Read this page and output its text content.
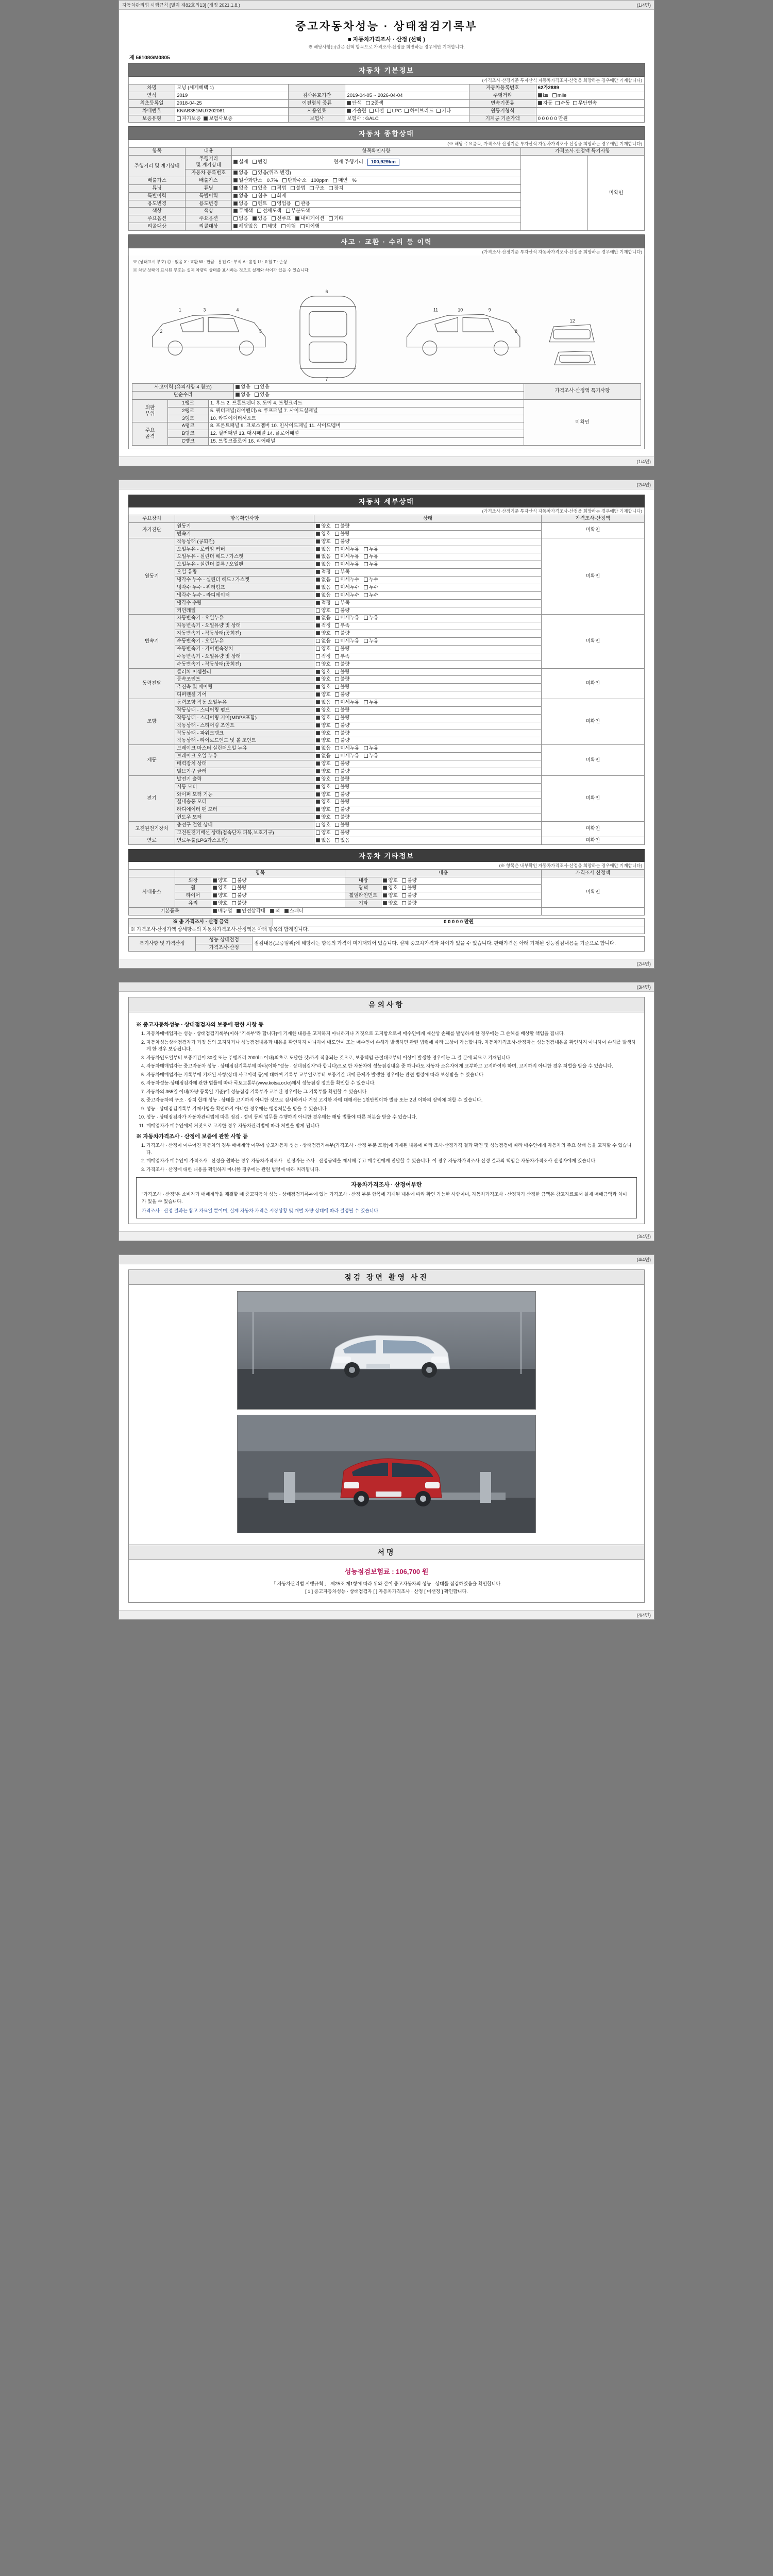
자동차관리법 시행규칙 [별지 제82호의13] (개정 2021.1.8.)	(1/4면)
중고자동차성능 · 상태점검기록부
■ 자동차가격조사 · 산정 (선택 )
※ 해당사항(□)란은 선택 항목으로 가격조사·산정을 희망하는 경우에만 기재합니다.
제 56108GM0805
자동차 기본정보
(가격조사·산정기준 투자산식 자동차가격조사·산정을 희망하는 경우에만 기재합니다)
차명	모닝 (세제혜택 1)			자동차등록번호	62가2889
연식	2019	검사유효기간	2019-04-05 ~ 2026-04-04	주행거리	㎞ mile
최초등록일	2018-04-25	이전형식 중류	단색 2중색	변속기종류	자동 수동 무단변속
차대번호	KNAB351MU7202061	사용연료	가솔린 디젤 LPG 하이브리드 기타	원동기형식	
보증유형	자가보증 보험사보증	보험사	보험사 : GALC	기계공 기준가액	0 0 0 0 0 만원
자동차 종합상태
(※ 해당 주요품목, 가격조사·산정기준 투자산식 자동차가격조사·산정을 희망하는 경우에만 기재합니다)
항목	내용	항목확인사항	가격조사·산정액 특기사항	
주행거리 및 계기상태	주행거리
및 계기상태	실제 변경 현재 주행거리 : 100,929km		미확인
	자동차 등록번호	없음 있음(위조·변경)		
배출가스	배출가스	일산화탄소 0.7% 탄화수소 100ppm 매연 %		
튜닝	튜닝	없음 있음 적법 불법 구조 장치		
특별이력	특별이력	없음 침수 화재		
용도변경	용도변경	없음 렌트 영업용 관용		
색상	색상	무채색 전체도색 부분도색		
주요옵션	주요옵션	없음 있음 선루프 내비게이션 기타		
리콜대상	리콜대상	해당없음 해당 이행 미이행		
사고 · 교환 · 수리 등 이력
(가격조사·산정기준 투자산식 자동차가격조사·산정을 희망하는 경우에만 기재합니다)
※ (상태표시 부호) ◎ : 없음 X : 교환 W : 판금 · 용접 C : 부식 A : 흠집 U : 요철 T : 손상
※ 차량 상태에 표시된 부호는 실제 차량의 상태를 표시하는 것으로 실제와 차이가 있을 수 있습니다.
1	3	4
5
2
6
7
11	10	9
8
12
사고이력 (유의사항 4 참조)	없음 있음	가격조사·산정액 특기사항
단순수리	없음 있음	
외판
부위	1랭크	1. 후드 2. 프론트펜더 3. 도어 4. 트렁크리드	미확인
	2랭크	5. 쿼터패널(리어펜더) 6. 루프패널 7. 사이드실패널	
	3랭크	10. 라디에이터서포트	
주요
골격	A랭크	8. 프론트패널 9. 크로스멤버 10. 인사이드패널 11. 사이드멤버	
	B랭크	12. 필러패널 13. 대시패널 14. 플로어패널	
	C랭크	15. 트렁크플로어 16. 리어패널	
(1/4면)
(2/4면)
자동차 세부상태
(가격조사·산정기준 투자산식 자동차가격조사·산정을 희망하는 경우에만 기재합니다)
주요장치	항목확인사항	상태	가격조사·산정액
자기진단	원동기	양호 불량	미확인
	변속기	양호 불량	
원동기	작동상태 (공회전)	양호 불량	미확인
	오일누유 - 로커암 커버	없음 미세누유 누유	
	오일누유 - 실린더 헤드 / 가스켓	없음 미세누유 누유	
	오일누유 - 실린더 블록 / 오일팬	없음 미세누유 누유	
	오일 유량	적정 부족	
	냉각수 누수 - 실린더 헤드 / 가스켓	없음 미세누수 누수	
	냉각수 누수 - 워터펌프	없음 미세누수 누수	
	냉각수 누수 - 라디에이터	없음 미세누수 누수	
	냉각수 수량	적정 부족	
	커먼레일	양호 불량	
변속기	자동변속기 - 오일누유	없음 미세누유 누유	미확인
	자동변속기 - 오일유량 및 상태	적정 부족	
	자동변속기 - 작동상태(공회전)	양호 불량	
	수동변속기 - 오일누유	없음 미세누유 누유	
	수동변속기 - 기어변속장치	양호 불량	
	수동변속기 - 오일유량 및 상태	적정 부족	
	수동변속기 - 작동상태(공회전)	양호 불량	
동력전달	클러치 어셈블리	양호 불량	미확인
	등속조인트	양호 불량	
	추진축 및 베어링	양호 불량	
	디퍼렌셜 기어	양호 불량	
조향	동력조향 작동 오일누유	없음 미세누유 누유	미확인
	작동상태 - 스티어링 펌프	양호 불량	
	작동상태 - 스티어링 기어(MDPS포함)	양호 불량	
	작동상태 - 스티어링 조인트	양호 불량	
	작동상태 - 파워크랭크	양호 불량	
	작동상태 - 타이로드엔드 및 볼 조인트	양호 불량	
제동	브레이크 마스터 실린더오일 누유	없음 미세누유 누유	미확인
	브레이크 오일 누유	없음 미세누유 누유	
	배력장치 상태	양호 불량	
	밸브기구 클러	양호 불량	
전기	발전기 출력	양호 불량	미확인
	시동 모터	양호 불량	
	와이퍼 모터 기능	양호 불량	
	실내송풍 모터	양호 불량	
	라디에이터 팬 모터	양호 불량	
	윈도우 모터	양호 불량	
고전원전기장치	충전구 절연 상태	양호 불량	미확인
	고전원전기배선 상태(접속단자,피복,보호기구)	양호 불량	
연료	연료누출(LPG가스포함)	없음 있음	미확인
자동차 기타정보
(※ 항목은 내부확인 자동차가격조사·산정을 희망하는 경우에만 기재합니다)
	항목		내용		가격조사·산정액
사내용소	외장	양호 불량	내장	양호 불량	미확인
	휠	양호 불량	광택	양호 불량	
	타이어	양호 불량	휠얼라인먼트	양호 불량	
	유리	양호 불량	기타	양호 불량	
기본품목		매뉴얼 안전삼각대 잭 스패너			
※ 총 가격조사 · 산정 금액	0 0 0 0 0 만원
※ 가격조사·산정가액 상세항목의 자동차가격조사·산정액은 아래 항목의 합계입니다.
특기사항 및 가격산정	성능·상태점검	점검내용(보증범위)에 해당하는 항목의 가격이 미기재되어 있습니다. 실제 중고차가격과 차이가 있을 수 있습니다. 판매가격은 아래 기재된 성능점검내용을 기준으로 합니다.
가격조사·산정
(2/4면)
(3/4면)
유의사항
※ 중고자동차성능 · 상태점검자의 보증에 관한 사항 등
1. 자동차매매업자는 성능 · 상태점검기록부(이하 "기록부"라 합니다)에 기재한 내용을 고지하지 아니하거나 거짓으로 고지함으로써 매수인에게 재산상 손해를 발생하게 한 경우에는 그 손해를 배상할 책임을 집니다.
2. 자동차성능상태점검자가 거짓 등의 고지하거나 성능점검내용과 내용을 확인하지 아니하여 매도인이 또는 매수인이 손해가 발생하면 관련 법령에 따라 보상이 가능합니다. 자동차가격조사·산정자는 성능점검내용을 확인하지 아니하여 손해를 발생하게 한 경우 보상됩니다.
3. 자동차인도일부터 보증기간이 30일 또는 주행거리 2000㎞ 이내(최초로 도달한 것)까지 적용되는 것으로, 보증책임 근절대로부터 이상이 발생한 경우에는 그 결 분에 되므로 기재됩니다.
4. 자동차매매업자는 중고자동차 성능 · 상태점검기록부에 따라(이하 "성능 · 상태점검자"라 합니다)으로 한 자동차에 성능점검내용 중 하나라도 자동차 소유자에게 교부하고 고지하여야 하며, 고지하지 아니한 경우 처벌을 받을 수 있습니다.
5. 자동차매매업자는 기록부에 기재된 사항(상태·사고이력 등)에 대하여 기록부 교부일로부터 보증기간 내에 문제가 발생한 경우에는 관련 법령에 따라 보상받을 수 있습니다.
6. 자동차성능·상태점검자에 관한 법률에 따라 국토교통부(www.kotsa.or.kr)에서 성능점검 정보를 확인할 수 있습니다.
7. 자동차의 365일 이내(차량 등록일 기준)에 성능점검 기록부가 교부된 경우에는 그 기록부를 확인할 수 있습니다.
8. 중고자동차의 구조 · 장치 합계 성능 · 상태를 고지하지 아니한 것으로 검사하거나 거짓 고지한 자에 대해서는 1천만원이하 벌금 또는 2년 이하의 징역에 처할 수 있습니다.
9. 성능 · 상태점검기록부 기재사항을 확인하지 아니한 경우에는 행정처분을 받을 수 있습니다.
10. 성능 · 상태점검자가 자동차관리법에 따른 점검 · 정비 등의 업무를 수행하지 아니한 경우에는 해당 법률에 따른 처분을 받을 수 있습니다.
11. 매매업자가 매수인에게 거짓으로 고지한 경우 자동차관리법에 따라 처벌을 받게 됩니다.
※ 자동차가격조사 · 산정에 보증에 관한 사항 등
1. 가격조사 · 산정이 이루어진 자동차의 경우 매매계약 이후에 중고자동차 성능 · 상태점검기록부(가격조사 · 산정 부분 포함)에 기재된 내용에 따라 조사·산정가격 결과 확인 및 성능점검에 따라 매수인에게 자동차의 주요 상태 등을 고지할 수 있습니다.
2. 매매업자가 매수인이 가격조사 · 산정을 원하는 경우 자동차가격조사 · 산정자는 조사 · 산정금액을 제시해 주고 매수인에게 전달할 수 있습니다. 이 경우 자동차가격조사·산정 결과의 책임은 자동차가격조사·산정자에게 있습니다.
3. 가격조사 · 산정에 대한 내용을 확인하지 아니한 경우에는 관련 법령에 따라 처리됩니다.
자동차가격조사 · 산정여부란
"가격조사 · 산정"은 소비자가 매매계약을 체결할 때 중고자동차 성능 · 상태점검기록부에 있는 가격조사 · 산정 부분 항목에 기재된 내용에 따라 확인 가능한 사항이며, 자동차가격조사 · 산정자가 산정한 금액은 참고자료로서 실제 매매금액과 차이가 있을 수 있습니다.
가격조사 · 산정 결과는 참고 자료일 뿐이며, 실제 자동차 가격은 시장상황 및 개별 차량 상태에 따라 결정될 수 있습니다.
(3/4면)
(4/4면)
점검 장면 촬영 사진
서명
성능점검보험료 : 106,700 원
「 자동차관리법 시행규칙 」 제25조 제1항에 따라 위와 같이 중고자동차의 성능 · 상태를 점검하였음을 확인합니다.
[ 1 ] 중고자동차성능 · 상태점검자 [ ] 자동차가격조사 · 산정 [ 미선정 ] 확인합니다.
(4/4면)
